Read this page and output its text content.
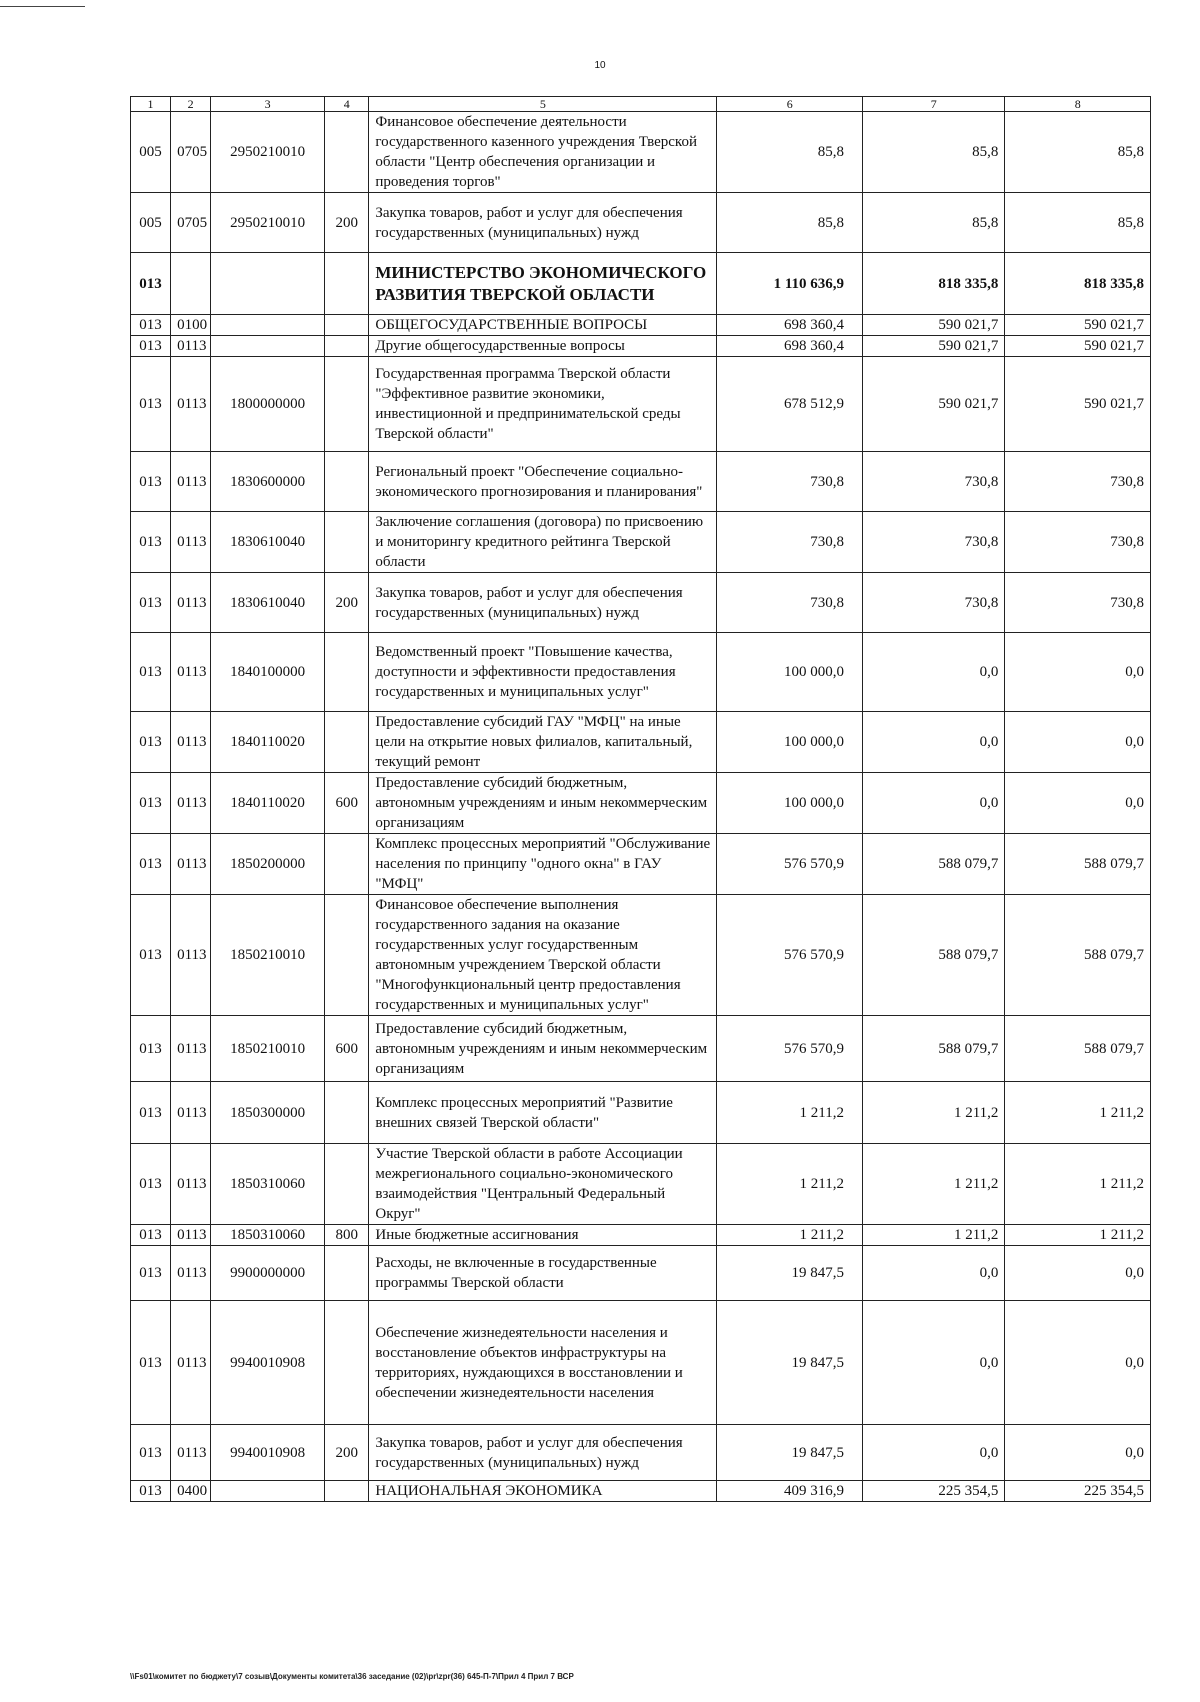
10
1	2	3	4	5	6	7	8
005	0705	2950210010		Финансовое обеспечение деятельности государственного казенного учреждения Тверской области "Центр обеспечения организации и проведения торгов"	85,8	85,8	85,8
005	0705	2950210010	200	Закупка товаров, работ и услуг для обеспечения государственных (муниципальных) нужд	85,8	85,8	85,8
013				МИНИСТЕРСТВО ЭКОНОМИЧЕСКОГО РАЗВИТИЯ ТВЕРСКОЙ ОБЛАСТИ	1 110 636,9	818 335,8	818 335,8
013	0100			ОБЩЕГОСУДАРСТВЕННЫЕ ВОПРОСЫ	698 360,4	590 021,7	590 021,7
013	0113			Другие общегосударственные вопросы	698 360,4	590 021,7	590 021,7
013	0113	1800000000		Государственная программа Тверской области "Эффективное развитие экономики, инвестиционной и предпринимательской среды Тверской области"	678 512,9	590 021,7	590 021,7
013	0113	1830600000		Региональный проект "Обеспечение социально-экономического прогнозирования и планирования"	730,8	730,8	730,8
013	0113	1830610040		Заключение соглашения (договора) по присвоению и мониторингу кредитного рейтинга Тверской области	730,8	730,8	730,8
013	0113	1830610040	200	Закупка товаров, работ и услуг для обеспечения государственных (муниципальных) нужд	730,8	730,8	730,8
013	0113	1840100000		Ведомственный проект "Повышение качества, доступности и эффективности предоставления государственных и муниципальных услуг"	100 000,0	0,0	0,0
013	0113	1840110020		Предоставление субсидий ГАУ "МФЦ" на иные цели на открытие новых филиалов, капитальный, текущий ремонт	100 000,0	0,0	0,0
013	0113	1840110020	600	Предоставление субсидий бюджетным, автономным учреждениям и иным некоммерческим организациям	100 000,0	0,0	0,0
013	0113	1850200000		Комплекс процессных мероприятий "Обслуживание населения по принципу "одного окна" в ГАУ "МФЦ"	576 570,9	588 079,7	588 079,7
013	0113	1850210010		Финансовое обеспечение выполнения государственного задания на оказание государственных услуг государственным автономным учреждением Тверской области "Многофункциональный центр предоставления государственных и муниципальных услуг"	576 570,9	588 079,7	588 079,7
013	0113	1850210010	600	Предоставление субсидий бюджетным, автономным учреждениям и иным некоммерческим организациям	576 570,9	588 079,7	588 079,7
013	0113	1850300000		Комплекс процессных мероприятий "Развитие внешних связей Тверской области"	1 211,2	1 211,2	1 211,2
013	0113	1850310060		Участие Тверской области в работе Ассоциации межрегионального социально-экономического взаимодействия "Центральный Федеральный Округ"	1 211,2	1 211,2	1 211,2
013	0113	1850310060	800	Иные бюджетные ассигнования	1 211,2	1 211,2	1 211,2
013	0113	9900000000		Расходы, не включенные в государственные программы Тверской области	19 847,5	0,0	0,0
013	0113	9940010908		Обеспечение жизнедеятельности населения и восстановление объектов инфраструктуры на территориях, нуждающихся в восстановлении и обеспечении жизнедеятельности населения	19 847,5	0,0	0,0
013	0113	9940010908	200	Закупка товаров, работ и услуг для обеспечения государственных (муниципальных) нужд	19 847,5	0,0	0,0
013	0400			НАЦИОНАЛЬНАЯ ЭКОНОМИКА	409 316,9	225 354,5	225 354,5
\\Fs01\комитет по бюджету\7 созыв\Документы комитета\36 заседание (02)\pr\zpr(36) 645-П-7\Прил 4 Прил 7 ВСР
